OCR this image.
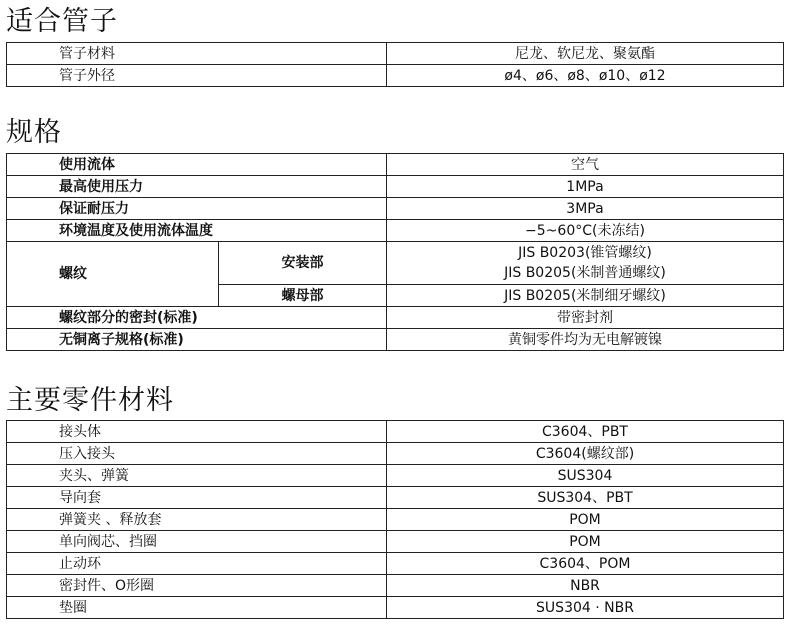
适合管子
管子材料	尼龙、软尼龙、聚氨酯
管子外径	ø4、ø6、ø8、ø10、ø12
规格
使用流体		空气
最高使用压力		1MPa
保证耐压力		3MPa
环境温度及使用流体温度		−5~60°C(未冻结)
螺纹	安装部	JIS B0203(锥管螺纹)
JIS B0205(米制普通螺纹)

	螺母部	JIS B0205(米制细牙螺纹)
螺纹部分的密封(标准)		带密封剂
无铜离子规格(标准)		黄铜零件均为无电解镀镍
主要零件材料
接头体	C3604、PBT
压入接头	C3604(螺纹部)
夹头、弹簧	SUS304
导向套	SUS304、PBT
弹簧夹 、释放套	POM
单向阀芯、挡圈	POM
止动环	C3604、POM
密封件、O形圈	NBR
垫圈	SUS304 · NBR
